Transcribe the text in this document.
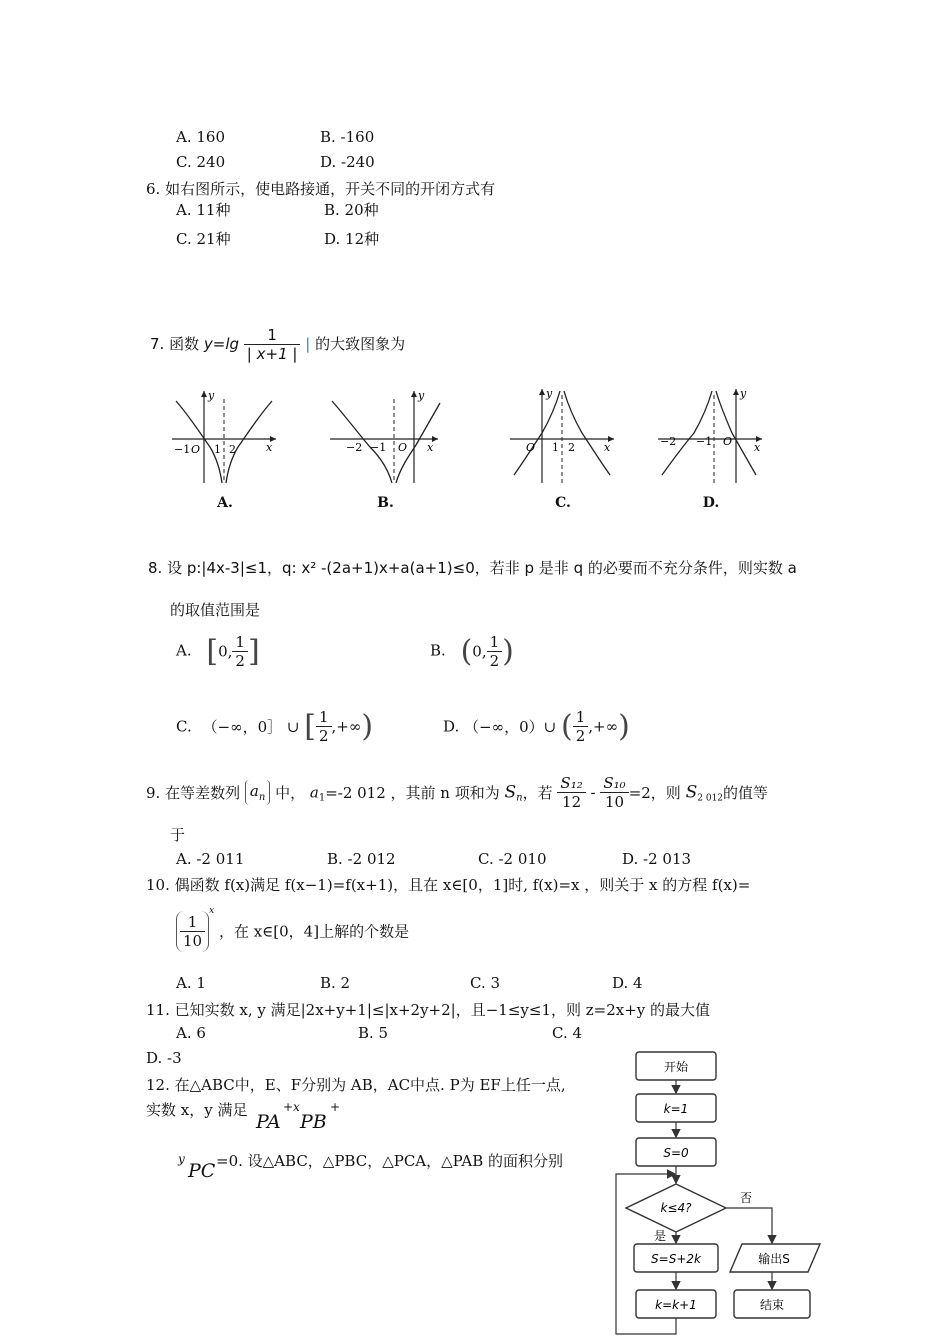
A. 160	B. -160
C. 240	D. -240
6. 如右图所示，使电路接通，开关不同的开闭方式有
A. 11种	B. 20种
C. 21种	D. 12种
7. 函数 $y=\lg \frac{1}{| x+1 |}$ | 的大致图象为
y
x
−1 O 1 2
A.
y
x
−2 −1 O
B.
y
x
O 1 2
C.
y
x
−2 −1 O
D.
8. 设 p:|4x-3|≤1，q: x² -(2a+1)x+a(a+1)≤0，若非 p 是非 q 的必要而不充分条件，则实数 a
的取值范围是
A. [0, $\frac{1}{2}$ ]	B. (0, $\frac{1}{2}$ )
C. （−∞，0］ ∪ [ $\frac{1}{2}$ ,+∞)	D. （−∞，0）∪ ( $\frac{1}{2}$ ,+∞)
9. 在等差数列 $a_n$ 中， $a_1=-2$ 012 ，其前 n 项和为 $S_n$，若 $\frac{\text{S₁₂}}{12} - \frac{\text{S₁₀}}{10} =2$，则 $S_{2 012}$的值等
于
A. -2 011	B. -2 012	C. -2 010	D. -2 013
10. 偶函数 f(x)满足 f(x−1)=f(x+1)，且在 x∈[0，1]时, f(x)=x ，则关于 x 的方程 f(x)=
$\frac{1}{10}$
$^x$ ，在 x∈[0，4]上解的个数是
A. 1	B. 2	C. 3	D. 4
11. 已知实数 x, y 满足|2x+y+1|≤|x+2y+2|，且−1≤y≤1，则 z=2x+y 的最大值
A. 6	B. 5	C. 4
D. -3
12. 在△ABC中，E、F分别为 AB，AC中点. P为 EF上任一点,
实数 x，y 满足
PA
+x
PB
+
y
PC =0. 设△ABC，△PBC，△PCA，△PAB 的面积分别
开始
k=1
S=0
k≤4?
否
是
S=S+2k	输出S
k=k+1	结束
